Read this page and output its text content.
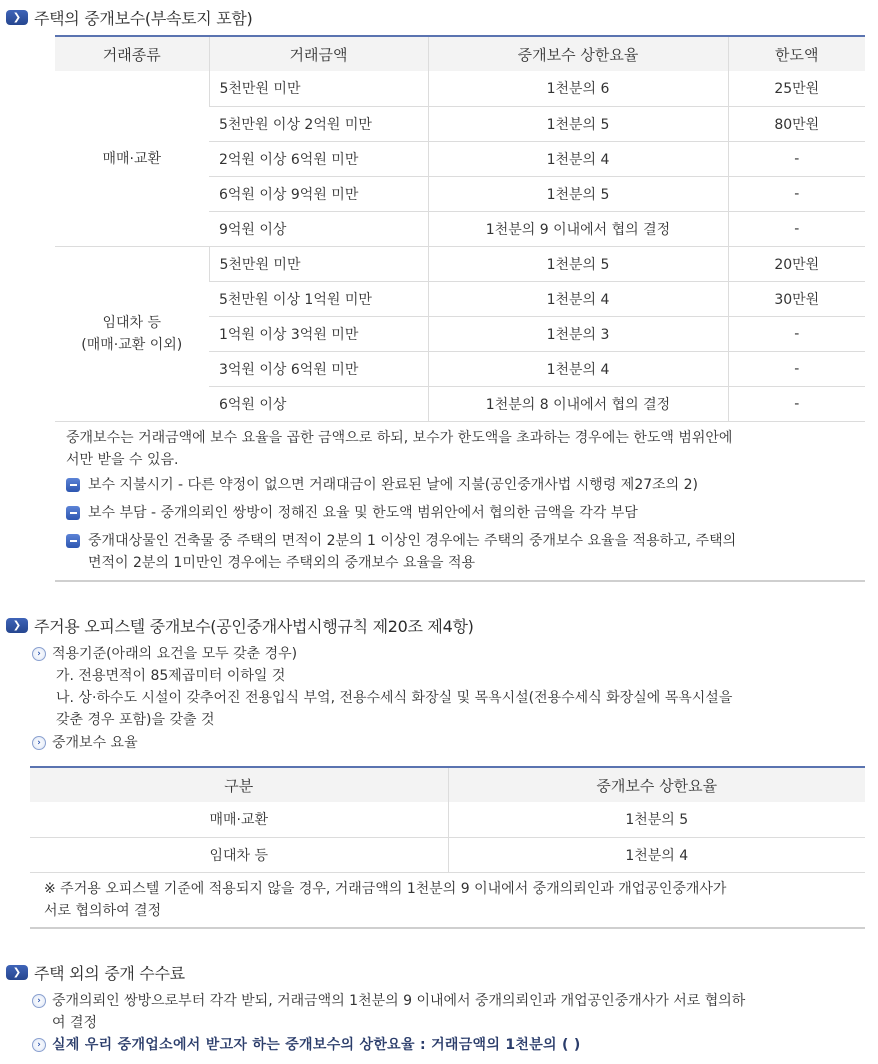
❯ 주택의 중개보수(부속토지 포함)
거래종류	거래금액	중개보수 상한요율	한도액
매매·교환	5천만원 미만	1천분의 6	25만원
	5천만원 이상 2억원 미만	1천분의 5	80만원
	2억원 이상 6억원 미만	1천분의 4	-
	6억원 이상 9억원 미만	1천분의 5	-
	9억원 이상	1천분의 9 이내에서 협의 결정	-

임대차 등
(매매·교환 이외)	5천만원 미만	1천분의 5	20만원
	5천만원 이상 1억원 미만	1천분의 4	30만원
	1억원 이상 3억원 미만	1천분의 3	-
	3억원 이상 6억원 미만	1천분의 4	-
	6억원 이상	1천분의 8 이내에서 협의 결정	-
중개보수는 거래금액에 보수 요율을 곱한 금액으로 하되, 보수가 한도액을 초과하는 경우에는 한도액 범위안에
서만 받을 수 있음.
보수 지불시기 - 다른 약정이 없으면 거래대금이 완료된 날에 지불(공인중개사법 시행령 제27조의 2)
보수 부담 - 중개의뢰인 쌍방이 정해진 요율 및 한도액 범위안에서 협의한 금액을 각각 부담
중개대상물인 건축물 중 주택의 면적이 2분의 1 이상인 경우에는 주택의 중개보수 요율을 적용하고, 주택의
면적이 2분의 1미만인 경우에는 주택외의 중개보수 요율을 적용
❯ 주거용 오피스텔 중개보수(공인중개사법시행규칙 제20조 제4항)
› 적용기준(아래의 요건을 모두 갖춘 경우)
가. 전용면적이 85제곱미터 이하일 것
나. 상·하수도 시설이 갖추어진 전용입식 부엌, 전용수세식 화장실 및 목욕시설(전용수세식 화장실에 목욕시설을
갖춘 경우 포함)을 갖출 것
› 중개보수 요율
구분	중개보수 상한요율
매매·교환	1천분의 5
임대차 등	1천분의 4
※ 주거용 오피스텔 기준에 적용되지 않을 경우, 거래금액의 1천분의 9 이내에서 중개의뢰인과 개업공인중개사가
서로 협의하여 결정
❯ 주택 외의 중개 수수료
› 중개의뢰인 쌍방으로부터 각각 받되, 거래금액의 1천분의 9 이내에서 중개의뢰인과 개업공인중개사가 서로 협의하
여 결정
› 실제 우리 중개업소에서 받고자 하는 중개보수의 상한요율 : 거래금액의 1천분의 ( )
